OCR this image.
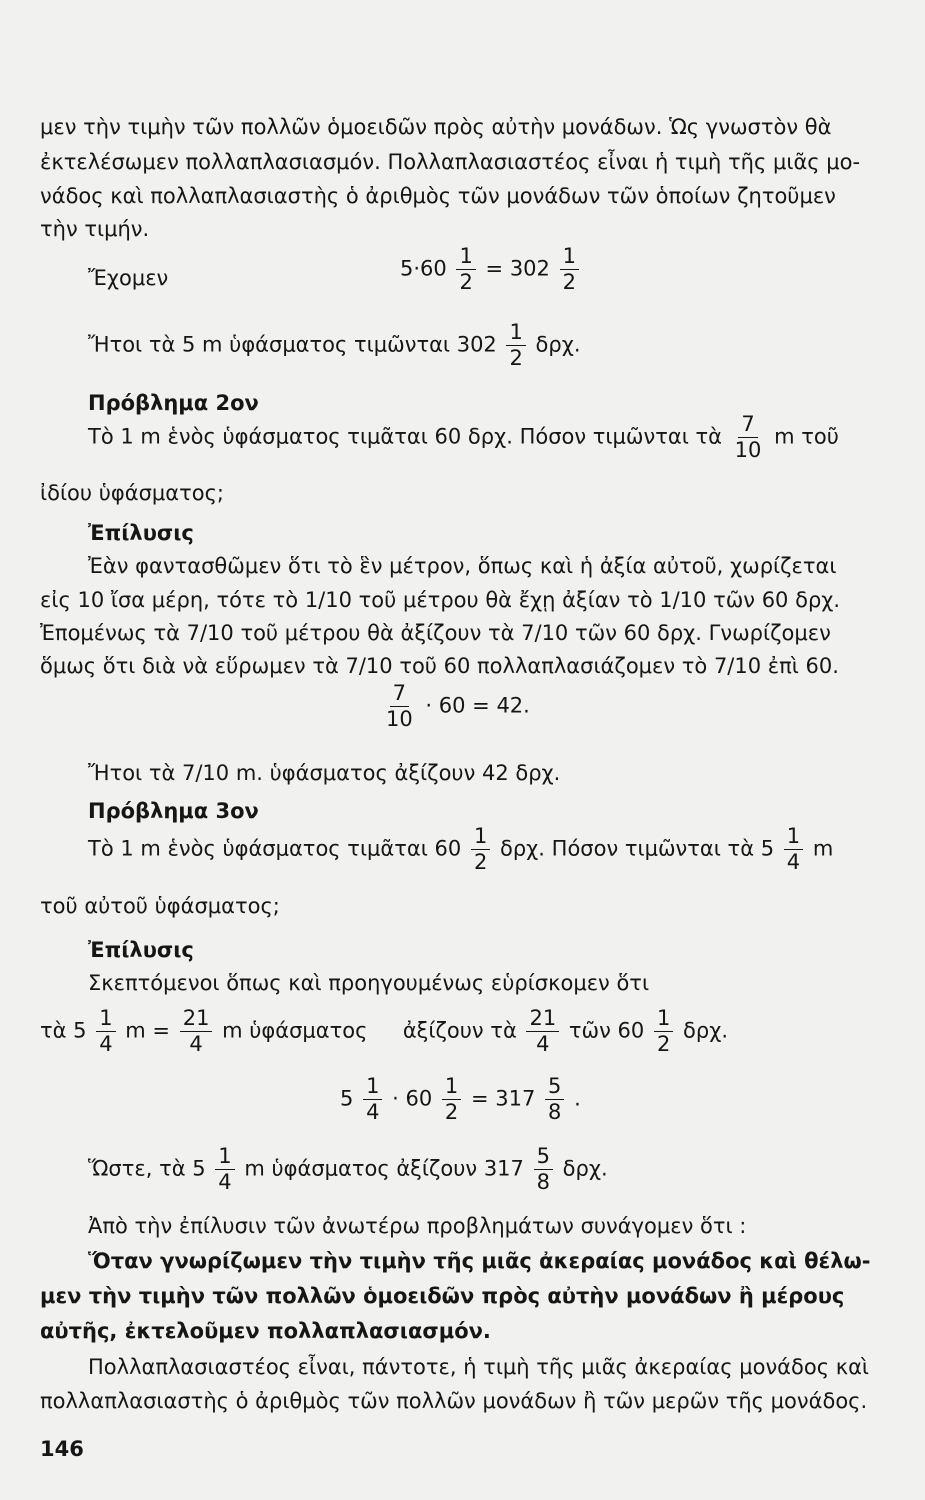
μεν τὴν τιμὴν τῶν πολλῶν ὁμοειδῶν πρὸς αὐτὴν μονάδων. Ὡς γνωστὸν θὰ
ἐκτελέσωμεν πολλαπλασιασμόν. Πολλαπλασιαστέος εἶναι ἡ τιμὴ τῆς μιᾶς μο-
νάδος καὶ πολλαπλασιαστὴς ὁ ἀριθμὸς τῶν μονάδων τῶν ὁποίων ζητοῦμεν
τὴν τιμήν.
Ἔχομεν	$5\cdot 60 \frac{1}{2} = 302 \frac{1}{2}$
Ἤτοι τὰ 5 m ὑφάσματος τιμῶνται $302 \frac{1}{2} \delta\rho\chi$.
Πρόβλημα 2ον
Τὸ 1 m ἑνὸς ὑφάσματος τιμᾶται 60 δρχ. Πόσον τιμῶνται τὰ $\frac{7}{10}$ m τοῦ
ἰδίου ὑφάσματος;
Ἐπίλυσις
Ἐὰν φαντασθῶμεν ὅτι τὸ ἓν μέτρον, ὅπως καὶ ἡ ἀξία αὐτοῦ, χωρίζεται
εἰς 10 ἴσα μέρη, τότε τὸ 1/10 τοῦ μέτρου θὰ ἔχῃ ἀξίαν τὸ 1/10 τῶν 60 δρχ.
Ἐπομένως τὰ 7/10 τοῦ μέτρου θὰ ἀξίζουν τὰ 7/10 τῶν 60 δρχ. Γνωρίζομεν
ὅμως ὅτι διὰ νὰ εὕρωμεν τὰ 7/10 τοῦ 60 πολλαπλασιάζομεν τὸ 7/10 ἐπὶ 60.
$\frac{7}{10} \cdot 60 = 42$.
Ἤτοι τὰ 7/10 m. ὑφάσματος ἀξίζουν 42 δρχ.
Πρόβλημα 3ον
Τὸ 1 m ἑνὸς ὑφάσματος τιμᾶται $60 \frac{1}{2} \delta\rho\chi$. Πόσον τιμῶνται τὰ $5 \frac{1}{4}$ m
τοῦ αὐτοῦ ὑφάσματος;
Ἐπίλυσις
Σκεπτόμενοι ὅπως καὶ προηγουμένως εὑρίσκομεν ὅτι
τὰ $5 \frac{1}{4}$ $m = \frac{21}{4}$ m ὑφάσματος ἀξίζουν τὰ $\frac{21}{4}$ τῶν $60 \frac{1}{2} \delta\rho\chi$.
$5 \frac{1}{4} \cdot 60 \frac{1}{2} = 317 \frac{5}{8}$ .
Ὥστε, τὰ $5 \frac{1}{4}$ m ὑφάσματος ἀξίζουν $317 \frac{5}{8} \delta\rho\chi$.
Ἀπὸ τὴν ἐπίλυσιν τῶν ἀνωτέρω προβλημάτων συνάγομεν ὅτι :
Ὅταν γνωρίζωμεν τὴν τιμὴν τῆς μιᾶς ἀκεραίας μονάδος καὶ θέλω-
μεν τὴν τιμὴν τῶν πολλῶν ὁμοειδῶν πρὸς αὐτὴν μονάδων ἢ μέρους
αὐτῆς, ἐκτελοῦμεν πολλαπλασιασμόν.
Πολλαπλασιαστέος εἶναι, πάντοτε, ἡ τιμὴ τῆς μιᾶς ἀκεραίας μονάδος καὶ
πολλαπλασιαστὴς ὁ ἀριθμὸς τῶν πολλῶν μονάδων ἢ τῶν μερῶν τῆς μονάδος.
146
